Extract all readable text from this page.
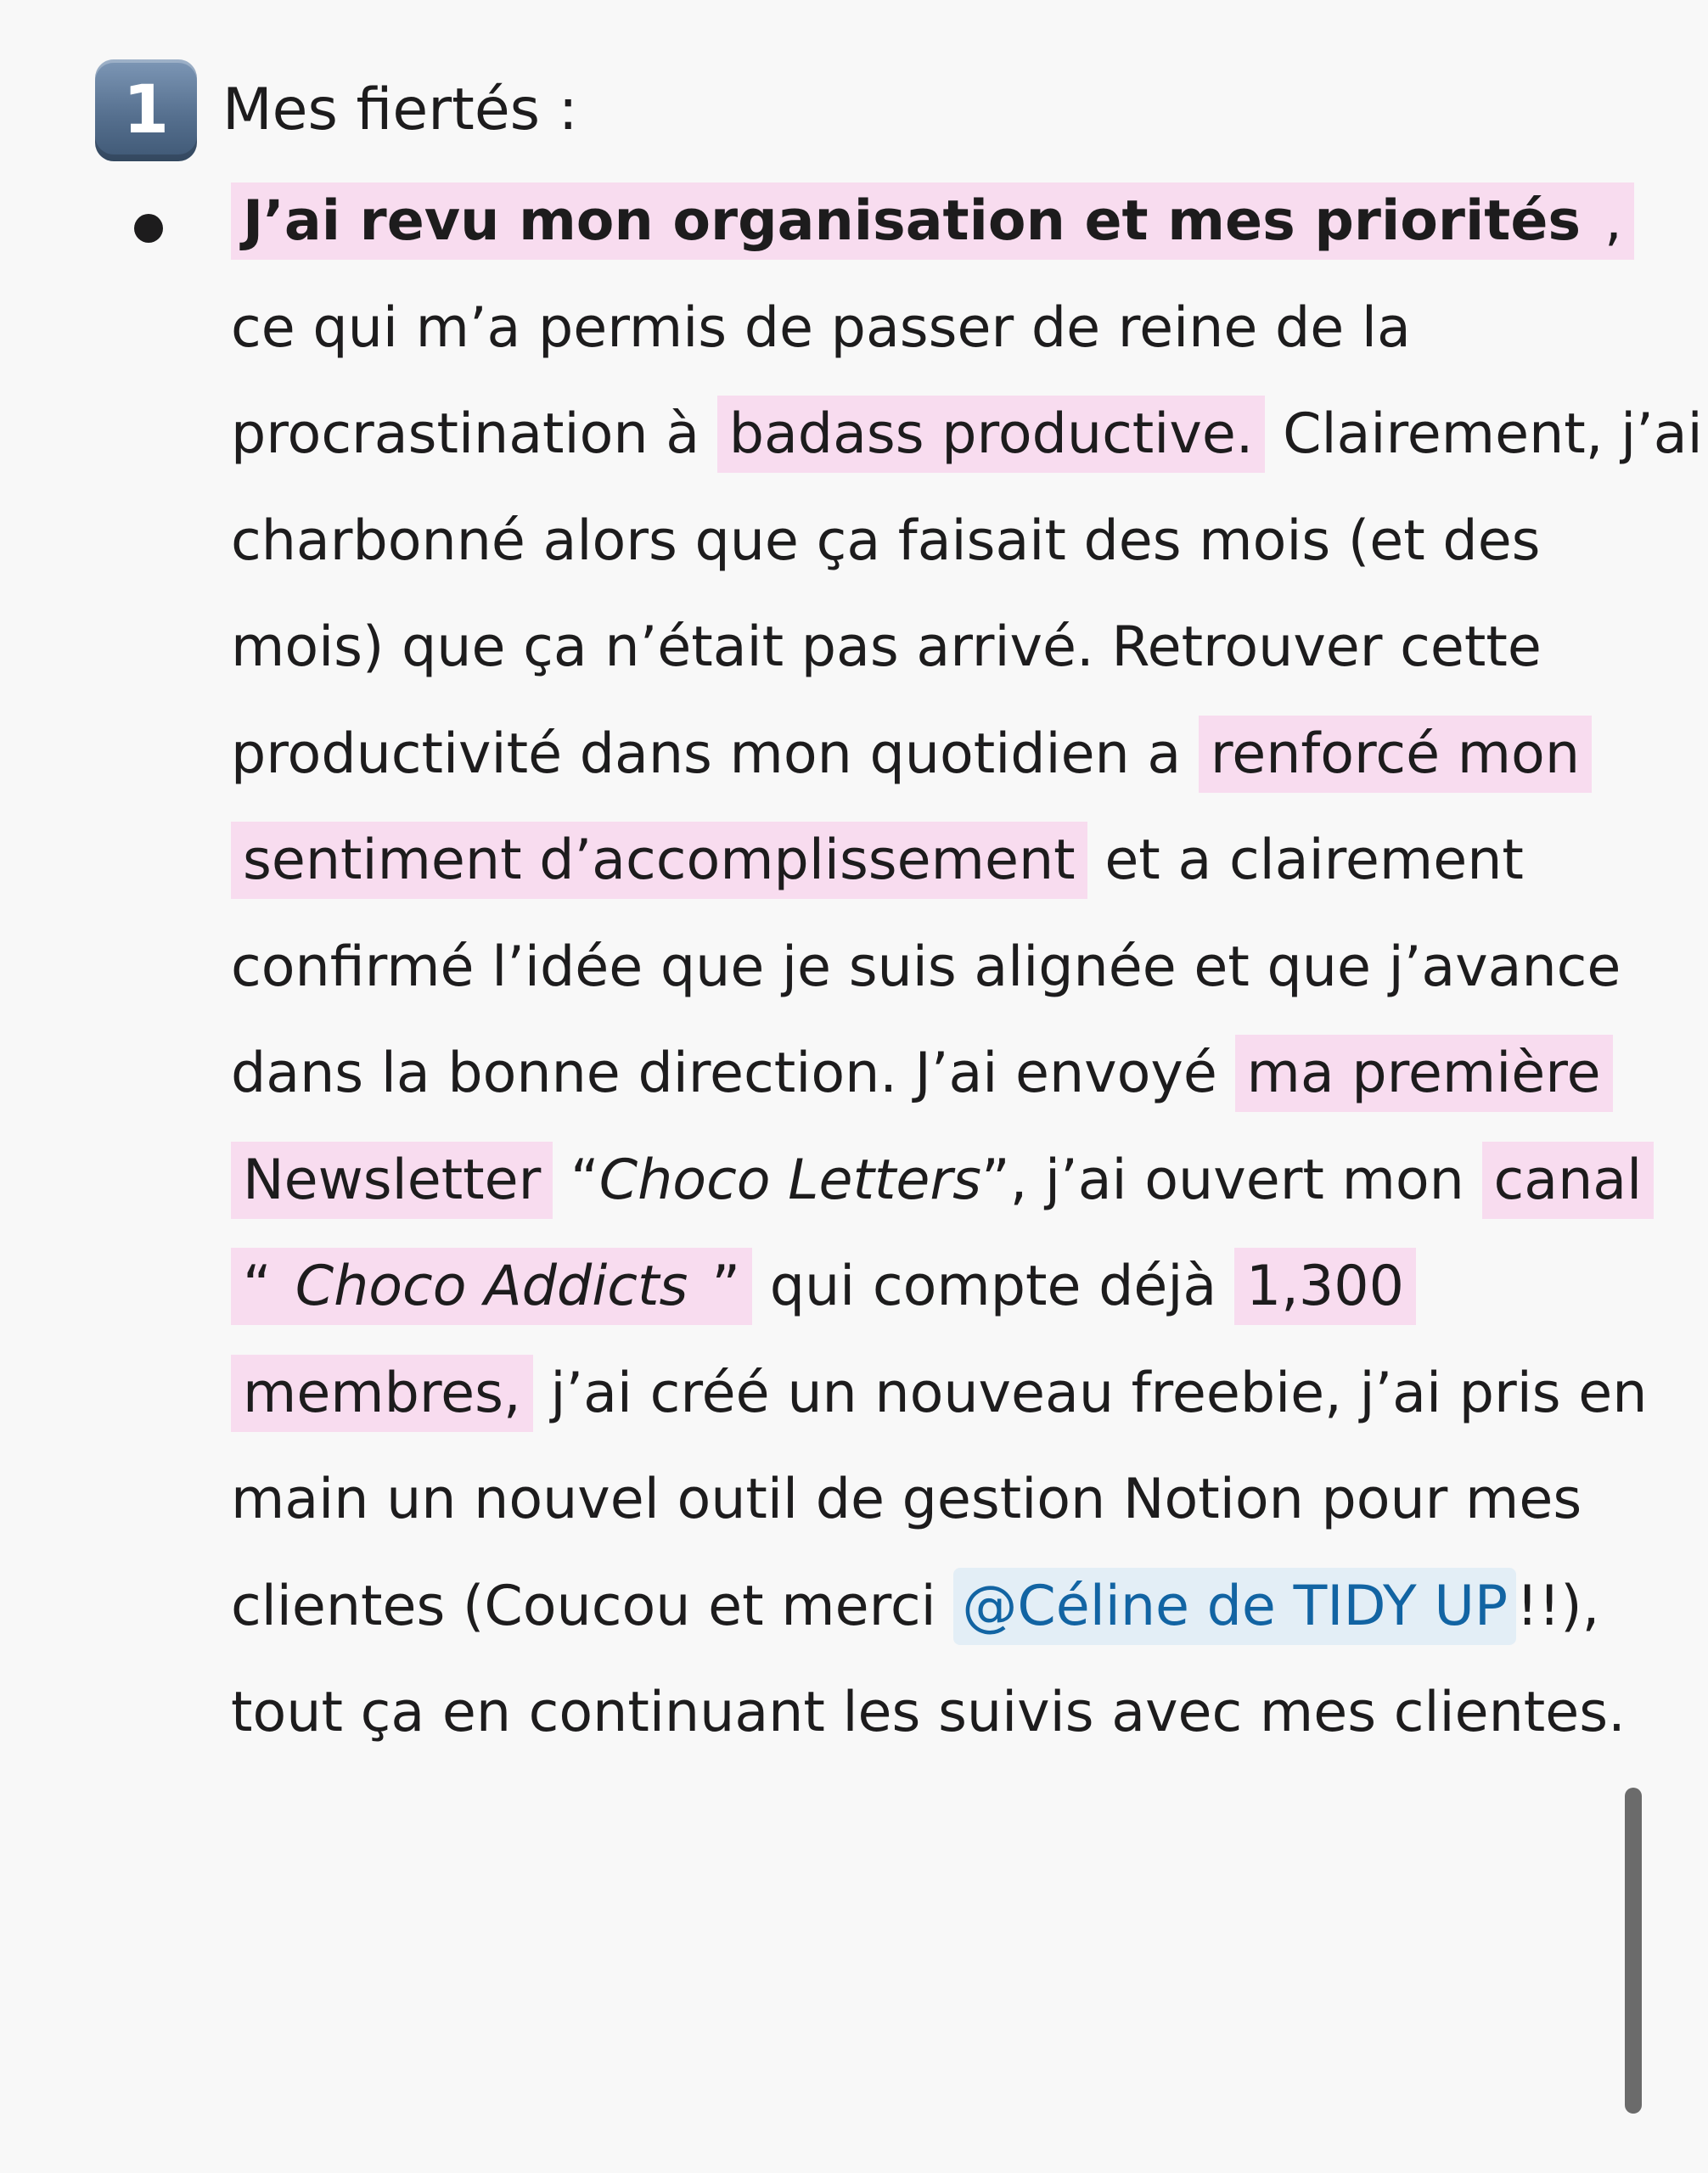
1 Mes fiertés :

J’ai revu mon organisation et mes priorités , ce qui m’a permis de passer de reine de la procrastination à badass productive. Clairement, j’ai charbonné alors que ça faisait des mois (et des mois) que ça n’était pas arrivé. Retrouver cette productivité dans mon quotidien a renforcé mon sentiment d’accomplissement et a clairement confirmé l’idée que je suis alignée et que j’avance dans la bonne direction. J’ai envoyé ma première Newsletter “Choco Letters”, j’ai ouvert mon canal “ Choco Addicts ” qui compte déjà 1,300 membres, j’ai créé un nouveau freebie, j’ai pris en main un nouvel outil de gestion Notion pour mes clientes (Coucou et merci @Céline de TIDY UP !!), tout ça en continuant les suivis avec mes clientes.
